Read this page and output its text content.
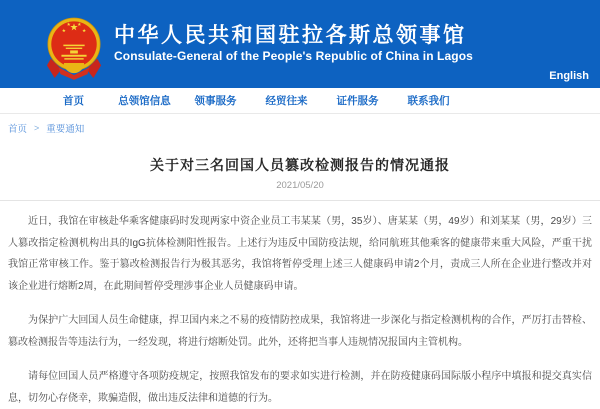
中华人民共和国驻拉各斯总领事馆
Consulate-General of the People's Republic of China in Lagos
English
首页	总领馆信息	领事服务	经贸往来	证件服务	联系我们
首页 > 重要通知
关于对三名回国人员篡改检测报告的情况通报
2021/05/20

近日，我馆在审核赴华乘客健康码时发现两家中资企业员工韦某某（男，35岁）、唐某某（男，49岁）和刘某某（男，29岁）三人篡改指定检测机构出具的IgG抗体检测阳性报告。上述行为违反中国防疫法规，给同航班其他乘客的健康带来重大风险，严重干扰我馆正常审核工作。鉴于篡改检测报告行为极其恶劣，我馆将暂停受理上述三人健康码申请2个月，责成三人所在企业进行整改并对该企业进行熔断2周，在此期间暂停受理涉事企业人员健康码申请。

为保护广大回国人员生命健康，捍卫国内来之不易的疫情防控成果，我馆将进一步深化与指定检测机构的合作，严厉打击替检、篡改检测报告等违法行为，一经发现，将进行熔断处罚。此外，还将把当事人违规情况报国内主管机构。

请每位回国人员严格遵守各项防疫规定，按照我馆发布的要求如实进行检测，并在防疫健康码国际版小程序中填报和提交真实信息，切勿心存侥幸，欺骗造假，做出违反法律和道德的行为。
